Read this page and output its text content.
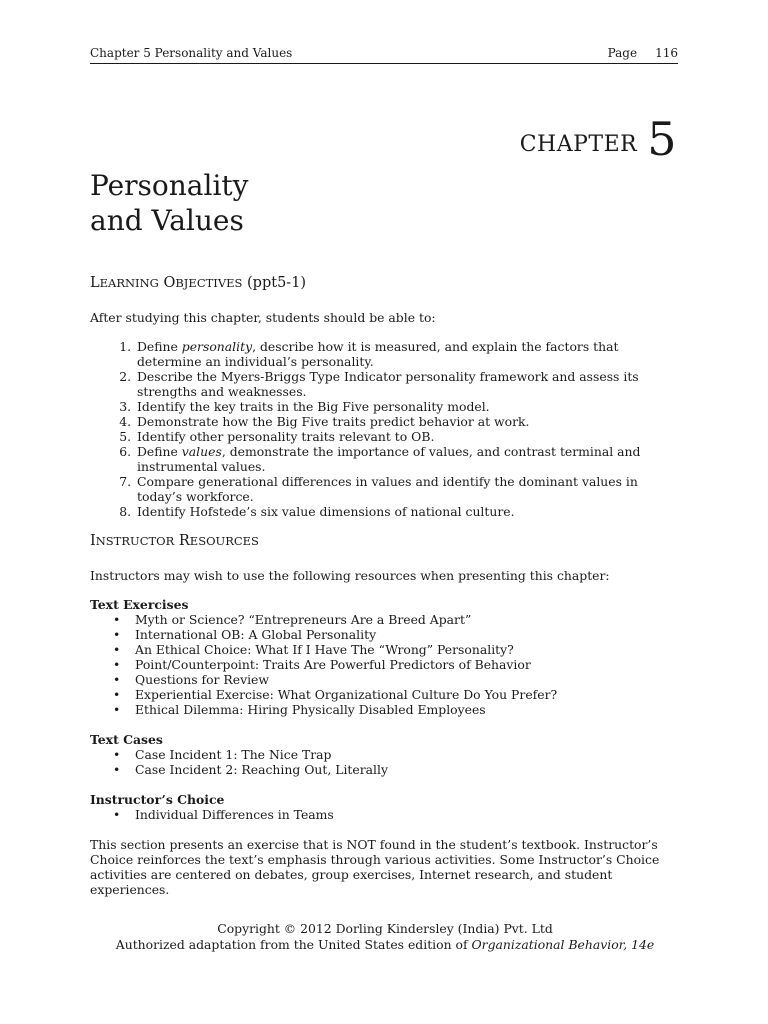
Chapter 5 Personality and Values	Page 116
CHAPTER 5
Personality
and Values
LEARNING OBJECTIVES (ppt5-1)

After studying this chapter, students should be able to:

1. Define personality, describe how it is measured, and explain the factors that determine an individual’s personality.
2. Describe the Myers-Briggs Type Indicator personality framework and assess its strengths and weaknesses.
3. Identify the key traits in the Big Five personality model.
4. Demonstrate how the Big Five traits predict behavior at work.
5. Identify other personality traits relevant to OB.
6. Define values, demonstrate the importance of values, and contrast terminal and instrumental values.
7. Compare generational differences in values and identify the dominant values in today’s workforce.
8. Identify Hofstede’s six value dimensions of national culture.
INSTRUCTOR RESOURCES

Instructors may wish to use the following resources when presenting this chapter:

Text Exercises

• Myth or Science? “Entrepreneurs Are a Breed Apart”
• International OB: A Global Personality
• An Ethical Choice: What If I Have The “Wrong” Personality?
• Point/Counterpoint: Traits Are Powerful Predictors of Behavior
• Questions for Review
• Experiential Exercise: What Organizational Culture Do You Prefer?
• Ethical Dilemma: Hiring Physically Disabled Employees

Text Cases

• Case Incident 1: The Nice Trap
• Case Incident 2: Reaching Out, Literally

Instructor’s Choice

• Individual Differences in Teams

This section presents an exercise that is NOT found in the student’s textbook. Instructor’s Choice reinforces the text’s emphasis through various activities. Some Instructor’s Choice activities are centered on debates, group exercises, Internet research, and student experiences.

Copyright © 2012 Dorling Kindersley (India) Pvt. Ltd
Authorized adaptation from the United States edition of Organizational Behavior, 14e
